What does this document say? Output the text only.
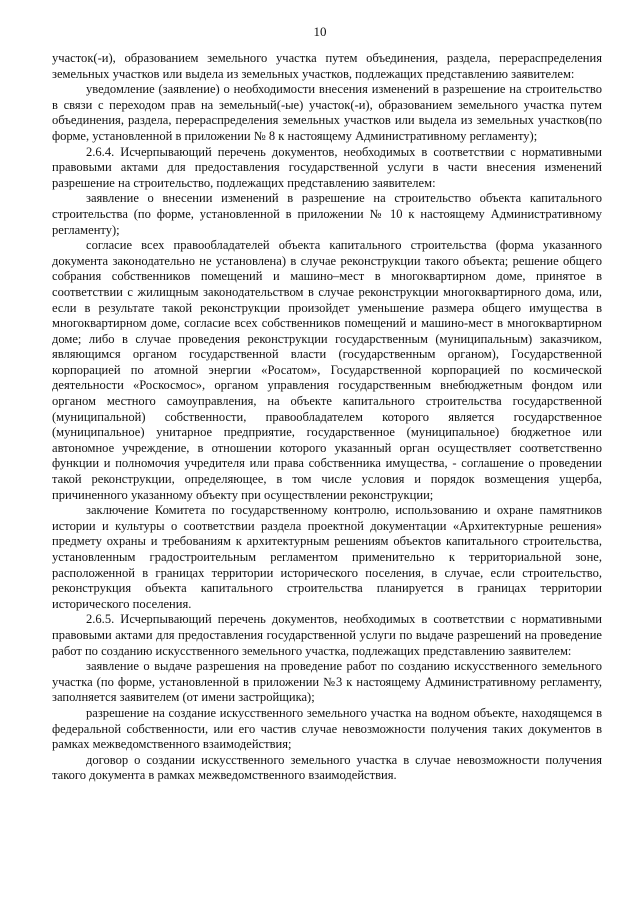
10

участок(-и), образованием земельного участка путем объединения, раздела, перераспределения земельных участков или выдела из земельных участков, подлежащих представлению заявителем:

уведомление (заявление) о необходимости внесения изменений в разрешение на строительство в связи с переходом прав на земельный(-ые) участок(-и), образованием земельного участка путем объединения, раздела, перераспределения земельных участков или выдела из земельных участков(по форме, установленной в приложении № 8 к настоящему Административному регламенту);

2.6.4. Исчерпывающий перечень документов, необходимых в соответствии с нормативными правовыми актами для предоставления государственной услуги в части внесения изменений разрешение на строительство, подлежащих представлению заявителем:

заявление о внесении изменений в разрешение на строительство объекта капитального строительства (по форме, установленной в приложении № 10 к настоящему Административному регламенту);

согласие всех правообладателей объекта капитального строительства (форма указанного документа законодательно не установлена) в случае реконструкции такого объекта; решение общего собрания собственников помещений и машино–мест в многоквартирном доме, принятое в соответствии с жилищным законодательством в случае реконструкции многоквартирного дома, или, если в результате такой реконструкции произойдет уменьшение размера общего имущества в многоквартирном доме, согласие всех собственников помещений и машино-мест в многоквартирном доме; либо в случае проведения реконструкции государственным (муниципальным) заказчиком, являющимся органом государственной власти (государственным органом), Государственной корпорацией по атомной энергии «Росатом», Государственной корпорацией по космической деятельности «Роскосмос», органом управления государственным внебюджетным фондом или органом местного самоуправления, на объекте капитального строительства государственной (муниципальной) собственности, правообладателем которого является государственное (муниципальное) унитарное предприятие, государственное (муниципальное) бюджетное или автономное учреждение, в отношении которого указанный орган осуществляет соответственно функции и полномочия учредителя или права собственника имущества, - соглашение о проведении такой реконструкции, определяющее, в том числе условия и порядок возмещения ущерба, причиненного указанному объекту при осуществлении реконструкции;

заключение Комитета по государственному контролю, использованию и охране памятников истории и культуры о соответствии раздела проектной документации «Архитектурные решения» предмету охраны и требованиям к архитектурным решениям объектов капитального строительства, установленным градостроительным регламентом применительно к территориальной зоне, расположенной в границах территории исторического поселения, в случае, если строительство, реконструкция объекта капитального строительства планируется в границах территории исторического поселения.

2.6.5. Исчерпывающий перечень документов, необходимых в соответствии с нормативными правовыми актами для предоставления государственной услуги по выдаче разрешений на проведение работ по созданию искусственного земельного участка, подлежащих представлению заявителем:

заявление о выдаче разрешения на проведение работ по созданию искусственного земельного участка (по форме, установленной в приложении №3 к настоящему Административному регламенту, заполняется заявителем (от имени застройщика);

разрешение на создание искусственного земельного участка на водном объекте, находящемся в федеральной собственности, или его частив случае невозможности получения таких документов в рамках межведомственного взаимодействия;

договор о создании искусственного земельного участка в случае невозможности получения такого документа в рамках межведомственного взаимодействия.
